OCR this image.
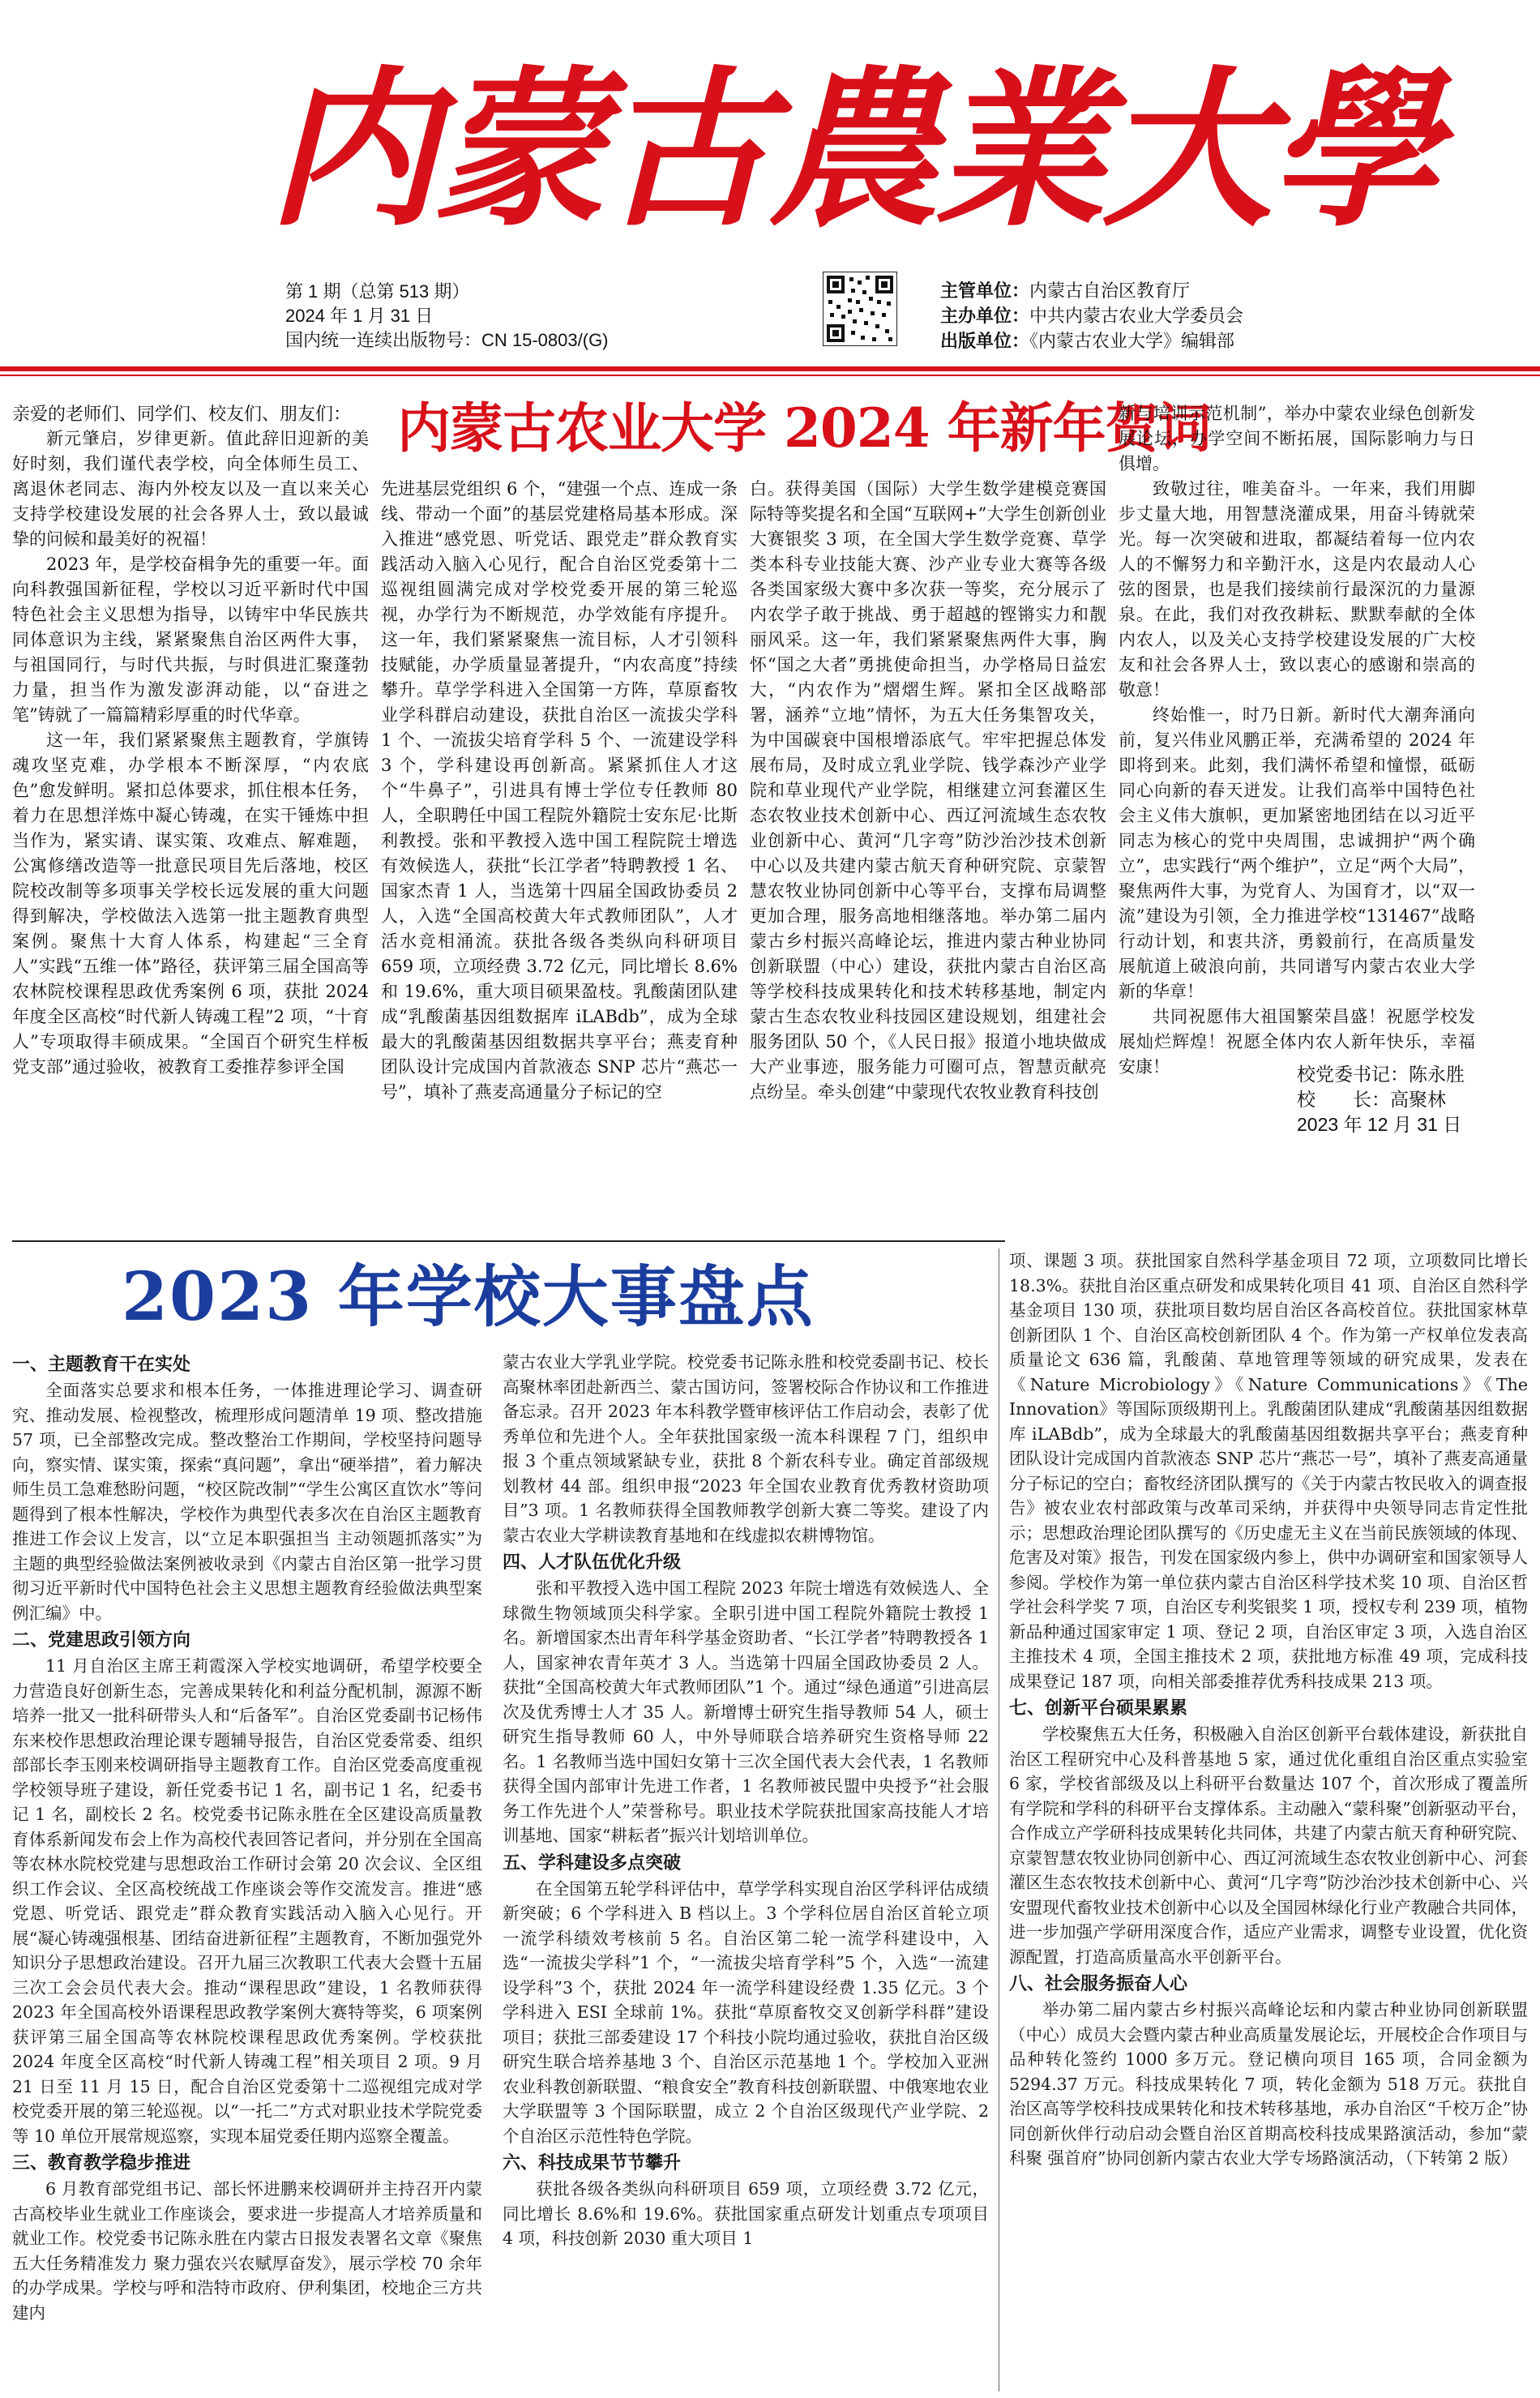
内蒙古農業大學
第 1 期（总第 513 期）
2024 年 1 月 31 日
国内统一连续出版物号：CN 15-0803/(G)
主管单位：内蒙古自治区教育厅
主办单位：中共内蒙古农业大学委员会
出版单位：《内蒙古农业大学》编辑部

亲爱的老师们、同学们、校友们、朋友们：

新元肇启，岁律更新。值此辞旧迎新的美好时刻，我们谨代表学校，向全体师生员工、离退休老同志、海内外校友以及一直以来关心支持学校建设发展的社会各界人士，致以最诚挚的问候和最美好的祝福！

2023 年，是学校奋楫争先的重要一年。面向科教强国新征程，学校以习近平新时代中国特色社会主义思想为指导，以铸牢中华民族共同体意识为主线，紧紧聚焦自治区两件大事，与祖国同行，与时代共振，与时俱进汇聚蓬勃力量，担当作为激发澎湃动能，以“奋进之笔”铸就了一篇篇精彩厚重的时代华章。

这一年，我们紧紧聚焦主题教育，学旗铸魂攻坚克难，办学根本不断深厚，“内农底色”愈发鲜明。紧扣总体要求，抓住根本任务，着力在思想洋炼中凝心铸魂，在实干锤炼中担当作为，紧实请、谋实策、攻难点、解难题，公寓修缮改造等一批意民项目先后落地，校区院校改制等多项事关学校长远发展的重大问题得到解决，学校做法入选第一批主题教育典型案例。聚焦十大育人体系，构建起“三全育人”实践“五维一体”路径，获评第三届全国高等农林院校课程思政优秀案例 6 项，获批 2024 年度全区高校“时代新人铸魂工程”2 项，“十育人”专项取得丰硕成果。“全国百个研究生样板党支部”通过验收，被教育工委推荐参评全国

内蒙古农业大学 2024 年新年贺词

先进基层党组织 6 个，“建强一个点、连成一条线、带动一个面”的基层党建格局基本形成。深入推进“感党恩、听党话、跟党走”群众教育实践活动入脑入心见行，配合自治区党委第十二巡视组圆满完成对学校党委开展的第三轮巡视，办学行为不断规范，办学效能有序提升。这一年，我们紧紧聚焦一流目标，人才引领科技赋能，办学质量显著提升，“内农高度”持续攀升。草学学科进入全国第一方阵，草原畜牧业学科群启动建设，获批自治区一流拔尖学科 1 个、一流拔尖培育学科 5 个、一流建设学科 3 个，学科建设再创新高。紧紧抓住人才这个“牛鼻子”，引进具有博士学位专任教师 80 人，全职聘任中国工程院外籍院士安东尼·比斯利教授。张和平教授入选中国工程院院士增选有效候选人，获批“长江学者”特聘教授 1 名、国家杰青 1 人，当选第十四届全国政协委员 2 人，入选“全国高校黄大年式教师团队”，人才活水竞相涌流。获批各级各类纵向科研项目 659 项，立项经费 3.72 亿元，同比增长 8.6%和 19.6%，重大项目硕果盈枝。乳酸菌团队建成“乳酸菌基因组数据库 iLABdb”，成为全球最大的乳酸菌基因组数据共享平台；燕麦育种团队设计完成国内首款液态 SNP 芯片“燕芯一号”，填补了燕麦高通量分子标记的空

白。获得美国（国际）大学生数学建模竞赛国际特等奖提名和全国“互联网+”大学生创新创业大赛银奖 3 项，在全国大学生数学竞赛、草学类本科专业技能大赛、沙产业专业大赛等各级各类国家级大赛中多次获一等奖，充分展示了内农学子敢于挑战、勇于超越的铿锵实力和靓丽风采。这一年，我们紧紧聚焦两件大事，胸怀“国之大者”勇挑使命担当，办学格局日益宏大，“内农作为”熠熠生辉。紧扣全区战略部署，涵养“立地”情怀，为五大任务集智攻关，为中国碳衰中国根增添底气。牢牢把握总体发展布局，及时成立乳业学院、钱学森沙产业学院和草业现代产业学院，相继建立河套灌区生态农牧业技术创新中心、西辽河流域生态农牧业创新中心、黄河“几字弯”防沙治沙技术创新中心以及共建内蒙古航天育种研究院、京蒙智慧农牧业协同创新中心等平台，支撑布局调整更加合理，服务高地相继落地。举办第二届内蒙古乡村振兴高峰论坛，推进内蒙古种业协同创新联盟（中心）建设，获批内蒙古自治区高等学校科技成果转化和技术转移基地，制定内蒙古生态农牧业科技园区建设规划，组建社会服务团队 50 个，《人民日报》报道小地块做成大产业事迹，服务能力可圈可点，智慧贡献亮点纷呈。牵头创建“中蒙现代农牧业教育科技创

新与培训示范机制”，举办中蒙农业绿色创新发展论坛，办学空间不断拓展，国际影响力与日俱增。

致敬过往，唯美奋斗。一年来，我们用脚步丈量大地，用智慧浇灌成果，用奋斗铸就荣光。每一次突破和进取，都凝结着每一位内农人的不懈努力和辛勤汗水，这是内农最动人心弦的图景，也是我们接续前行最深沉的力量源泉。在此，我们对孜孜耕耘、默默奉献的全体内农人，以及关心支持学校建设发展的广大校友和社会各界人士，致以衷心的感谢和崇高的敬意！

终始惟一，时乃日新。新时代大潮奔涌向前，复兴伟业风鹏正举，充满希望的 2024 年即将到来。此刻，我们满怀希望和憧憬，砥砺同心向新的春天迸发。让我们高举中国特色社会主义伟大旗帜，更加紧密地团结在以习近平同志为核心的党中央周围，忠诚拥护“两个确立”，忠实践行“两个维护”，立足“两个大局”，聚焦两件大事，为党育人、为国育才，以“双一流”建设为引领，全力推进学校“131467”战略行动计划，和衷共济，勇毅前行，在高质量发展航道上破浪向前，共同谱写内蒙古农业大学新的华章！

共同祝愿伟大祖国繁荣昌盛！祝愿学校发展灿烂辉煌！祝愿全体内农人新年快乐，幸福安康！	校党委书记：陈永胜
校　　长：高聚林
2023 年 12 月 31 日
2023 年学校大事盘点
一、主题教育干在实处

全面落实总要求和根本任务，一体推进理论学习、调查研究、推动发展、检视整改，梳理形成问题清单 19 项、整改措施 57 项，已全部整改完成。整改整治工作期间，学校坚持问题导向，察实情、谋实策，探索“真问题”，拿出“硬举措”，着力解决师生员工急难愁盼问题，“校区院改制”“学生公寓区直饮水”等问题得到了根本性解决，学校作为典型代表多次在自治区主题教育推进工作会议上发言，以“立足本职强担当 主动领题抓落实”为主题的典型经验做法案例被收录到《内蒙古自治区第一批学习贯彻习近平新时代中国特色社会主义思想主题教育经验做法典型案例汇编》中。

二、党建思政引领方向

11 月自治区主席王莉霞深入学校实地调研，希望学校要全力营造良好创新生态，完善成果转化和利益分配机制，源源不断培养一批又一批科研带头人和“后备军”。自治区党委副书记杨伟东来校作思想政治理论课专题辅导报告，自治区党委常委、组织部部长李玉刚来校调研指导主题教育工作。自治区党委高度重视学校领导班子建设，新任党委书记 1 名，副书记 1 名，纪委书记 1 名，副校长 2 名。校党委书记陈永胜在全区建设高质量教育体系新闻发布会上作为高校代表回答记者问，并分别在全国高等农林水院校党建与思想政治工作研讨会第 20 次会议、全区组织工作会议、全区高校统战工作座谈会等作交流发言。推进“感党恩、听党话、跟党走”群众教育实践活动入脑入心见行。开展“凝心铸魂强根基、团结奋进新征程”主题教育，不断加强党外知识分子思想政治建设。召开九届三次教职工代表大会暨十五届三次工会会员代表大会。推动“课程思政”建设，1 名教师获得 2023 年全国高校外语课程思政教学案例大赛特等奖，6 项案例获评第三届全国高等农林院校课程思政优秀案例。学校获批 2024 年度全区高校“时代新人铸魂工程”相关项目 2 项。9 月 21 日至 11 月 15 日，配合自治区党委第十二巡视组完成对学校党委开展的第三轮巡视。以“一托二”方式对职业技术学院党委等 10 单位开展常规巡察，实现本届党委任期内巡察全覆盖。

三、教育教学稳步推进

6 月教育部党组书记、部长怀进鹏来校调研并主持召开内蒙古高校毕业生就业工作座谈会，要求进一步提高人才培养质量和就业工作。校党委书记陈永胜在内蒙古日报发表署名文章《聚焦五大任务精准发力 聚力强农兴农赋厚奋发》，展示学校 70 余年的办学成果。学校与呼和浩特市政府、伊利集团，校地企三方共建内

蒙古农业大学乳业学院。校党委书记陈永胜和校党委副书记、校长高聚林率团赴新西兰、蒙古国访问，签署校际合作协议和工作推进备忘录。召开 2023 年本科教学暨审核评估工作启动会，表彰了优秀单位和先进个人。全年获批国家级一流本科课程 7 门，组织申报 3 个重点领域紧缺专业，获批 8 个新农科专业。确定首部级规划教材 44 部。组织申报“2023 年全国农业教育优秀教材资助项目”3 项。1 名教师获得全国教师教学创新大赛二等奖。建设了内蒙古农业大学耕读教育基地和在线虚拟农耕博物馆。

四、人才队伍优化升级

张和平教授入选中国工程院 2023 年院士增选有效候选人、全球微生物领域顶尖科学家。全职引进中国工程院外籍院士教授 1 名。新增国家杰出青年科学基金资助者、“长江学者”特聘教授各 1 人，国家神农青年英才 3 人。当选第十四届全国政协委员 2 人。获批“全国高校黄大年式教师团队”1 个。通过“绿色通道”引进高层次及优秀博士人才 35 人。新增博士研究生指导教师 54 人，硕士研究生指导教师 60 人，中外导师联合培养研究生资格导师 22 名。1 名教师当选中国妇女第十三次全国代表大会代表，1 名教师获得全国内部审计先进工作者，1 名教师被民盟中央授予“社会服务工作先进个人”荣誉称号。职业技术学院获批国家高技能人才培训基地、国家“耕耘者”振兴计划培训单位。

五、学科建设多点突破

在全国第五轮学科评估中，草学学科实现自治区学科评估成绩新突破；6 个学科进入 B 档以上。3 个学科位居自治区首轮立项一流学科绩效考核前 5 名。自治区第二轮一流学科建设中，入选“一流拔尖学科”1 个，“一流拔尖培育学科”5 个，入选“一流建设学科”3 个，获批 2024 年一流学科建设经费 1.35 亿元。3 个学科进入 ESI 全球前 1%。获批“草原畜牧交叉创新学科群”建设项目；获批三部委建设 17 个科技小院均通过验收，获批自治区级研究生联合培养基地 3 个、自治区示范基地 1 个。学校加入亚洲农业科教创新联盟、“粮食安全”教育科技创新联盟、中俄寒地农业大学联盟等 3 个国际联盟，成立 2 个自治区级现代产业学院、2 个自治区示范性特色学院。

六、科技成果节节攀升

获批各级各类纵向科研项目 659 项，立项经费 3.72 亿元，同比增长 8.6%和 19.6%。获批国家重点研发计划重点专项项目 4 项，科技创新 2030 重大项目 1

项、课题 3 项。获批国家自然科学基金项目 72 项，立项数同比增长 18.3%。获批自治区重点研发和成果转化项目 41 项、自治区自然科学基金项目 130 项，获批项目数均居自治区各高校首位。获批国家林草创新团队 1 个、自治区高校创新团队 4 个。作为第一产权单位发表高质量论文 636 篇，乳酸菌、草地管理等领域的研究成果，发表在《Nature Microbiology》《Nature Communications》《The Innovation》等国际顶级期刊上。乳酸菌团队建成“乳酸菌基因组数据库 iLABdb”，成为全球最大的乳酸菌基因组数据共享平台；燕麦育种团队设计完成国内首款液态 SNP 芯片“燕芯一号”，填补了燕麦高通量分子标记的空白；畜牧经济团队撰写的《关于内蒙古牧民收入的调查报告》被农业农村部政策与改革司采纳，并获得中央领导同志肯定性批示；思想政治理论团队撰写的《历史虚无主义在当前民族领域的体现、危害及对策》报告，刊发在国家级内参上，供中办调研室和国家领导人参阅。学校作为第一单位获内蒙古自治区科学技术奖 10 项、自治区哲学社会科学奖 7 项，自治区专利奖银奖 1 项，授权专利 239 项，植物新品种通过国家审定 1 项、登记 2 项，自治区审定 3 项，入选自治区主推技术 4 项，全国主推技术 2 项，获批地方标准 49 项，完成科技成果登记 187 项，向相关部委推荐优秀科技成果 213 项。

七、创新平台硕果累累

学校聚焦五大任务，积极融入自治区创新平台载体建设，新获批自治区工程研究中心及科普基地 5 家，通过优化重组自治区重点实验室 6 家，学校省部级及以上科研平台数量达 107 个，首次形成了覆盖所有学院和学科的科研平台支撑体系。主动融入“蒙科聚”创新驱动平台，合作成立产学研科技成果转化共同体，共建了内蒙古航天育种研究院、京蒙智慧农牧业协同创新中心、西辽河流域生态农牧业创新中心、河套灌区生态农牧技术创新中心、黄河“几字弯”防沙治沙技术创新中心、兴安盟现代畜牧业技术创新中心以及全国园林绿化行业产教融合共同体，进一步加强产学研用深度合作，适应产业需求，调整专业设置，优化资源配置，打造高质量高水平创新平台。

八、社会服务振奋人心

举办第二届内蒙古乡村振兴高峰论坛和内蒙古种业协同创新联盟（中心）成员大会暨内蒙古种业高质量发展论坛，开展校企合作项目与品种转化签约 1000 多万元。登记横向项目 165 项，合同金额为 5294.37 万元。科技成果转化 7 项，转化金额为 518 万元。获批自治区高等学校科技成果转化和技术转移基地，承办自治区“千校万企”协同创新伙伴行动启动会暨自治区首期高校科技成果路演活动，参加“蒙科聚 强首府”协同创新内蒙古农业大学专场路演活动，（下转第 2 版）
